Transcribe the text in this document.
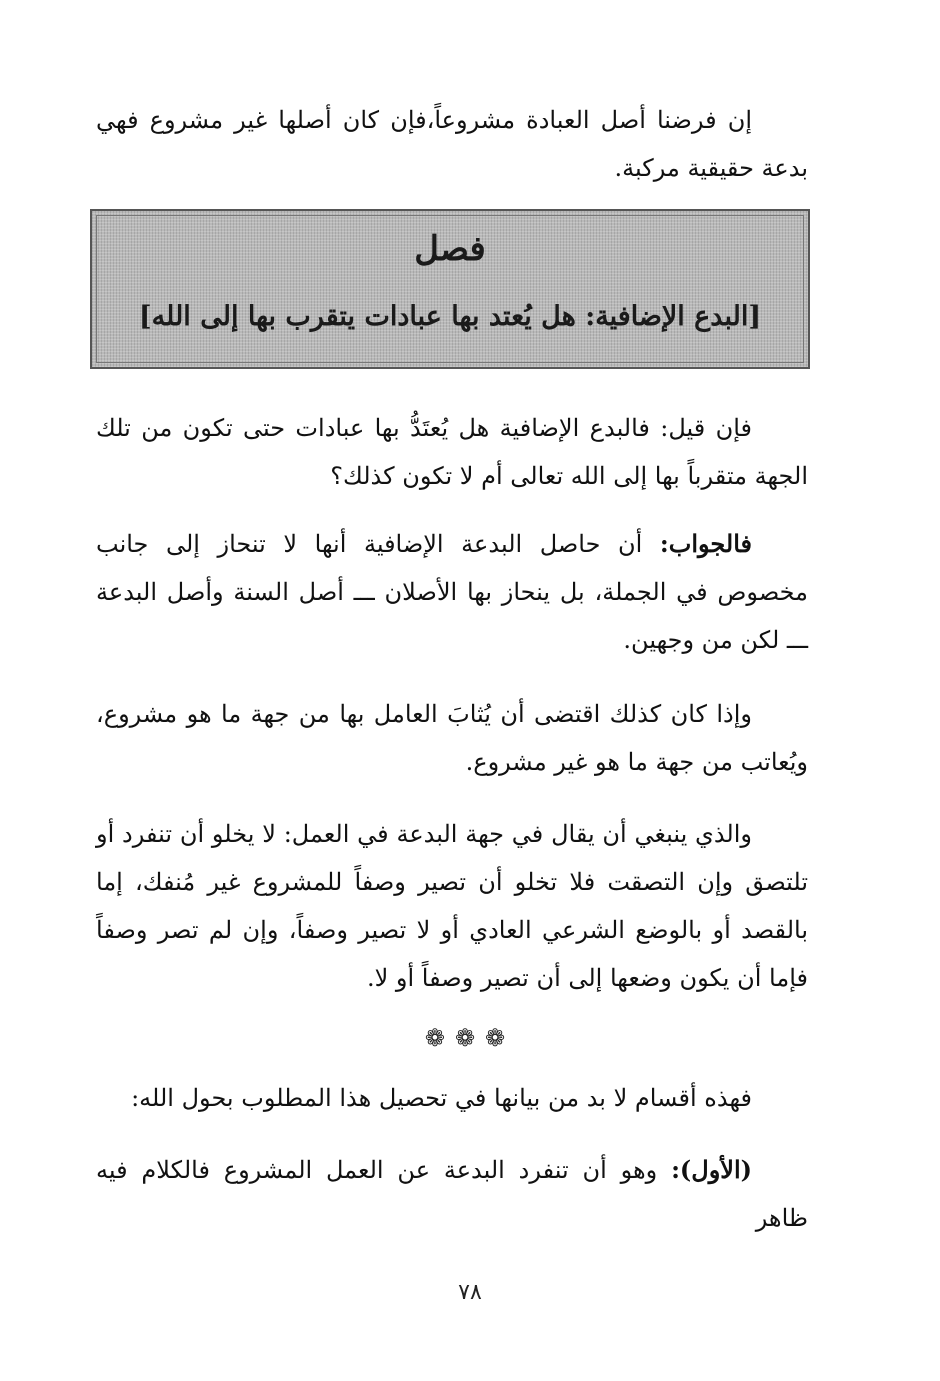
إن فرضنا أصل العبادة مشروعاً،فإن كان أصلها غير مشروع فهي بدعة حقيقية مركبة.

فصل
[البدع الإضافية: هل يُعتد بها عبادات يتقرب بها إلى الله]

فإن قيل: فالبدع الإضافية هل يُعتَدُّ بها عبادات حتى تكون من تلك الجهة متقرباً بها إلى الله تعالى أم لا تكون كذلك؟

فالجواب: أن حاصل البدعة الإضافية أنها لا تنحاز إلى جانب مخصوص في الجملة، بل ينحاز بها الأصلان ـــ أصل السنة وأصل البدعة ـــ لكن من وجهين.

وإذا كان كذلك اقتضى أن يُثابَ العامل بها من جهة ما هو مشروع، ويُعاتب من جهة ما هو غير مشروع.

والذي ينبغي أن يقال في جهة البدعة في العمل: لا يخلو أن تنفرد أو تلتصق وإن التصقت فلا تخلو أن تصير وصفاً للمشروع غير مُنفك، إما بالقصد أو بالوضع الشرعي العادي أو لا تصير وصفاً، وإن لم تصر وصفاً فإما أن يكون وضعها إلى أن تصير وصفاً أو لا.

❁❁❁

فهذه أقسام لا بد من بيانها في تحصيل هذا المطلوب بحول الله:

(الأول): وهو أن تنفرد البدعة عن العمل المشروع فالكلام فيه ظاهر

٧٨
